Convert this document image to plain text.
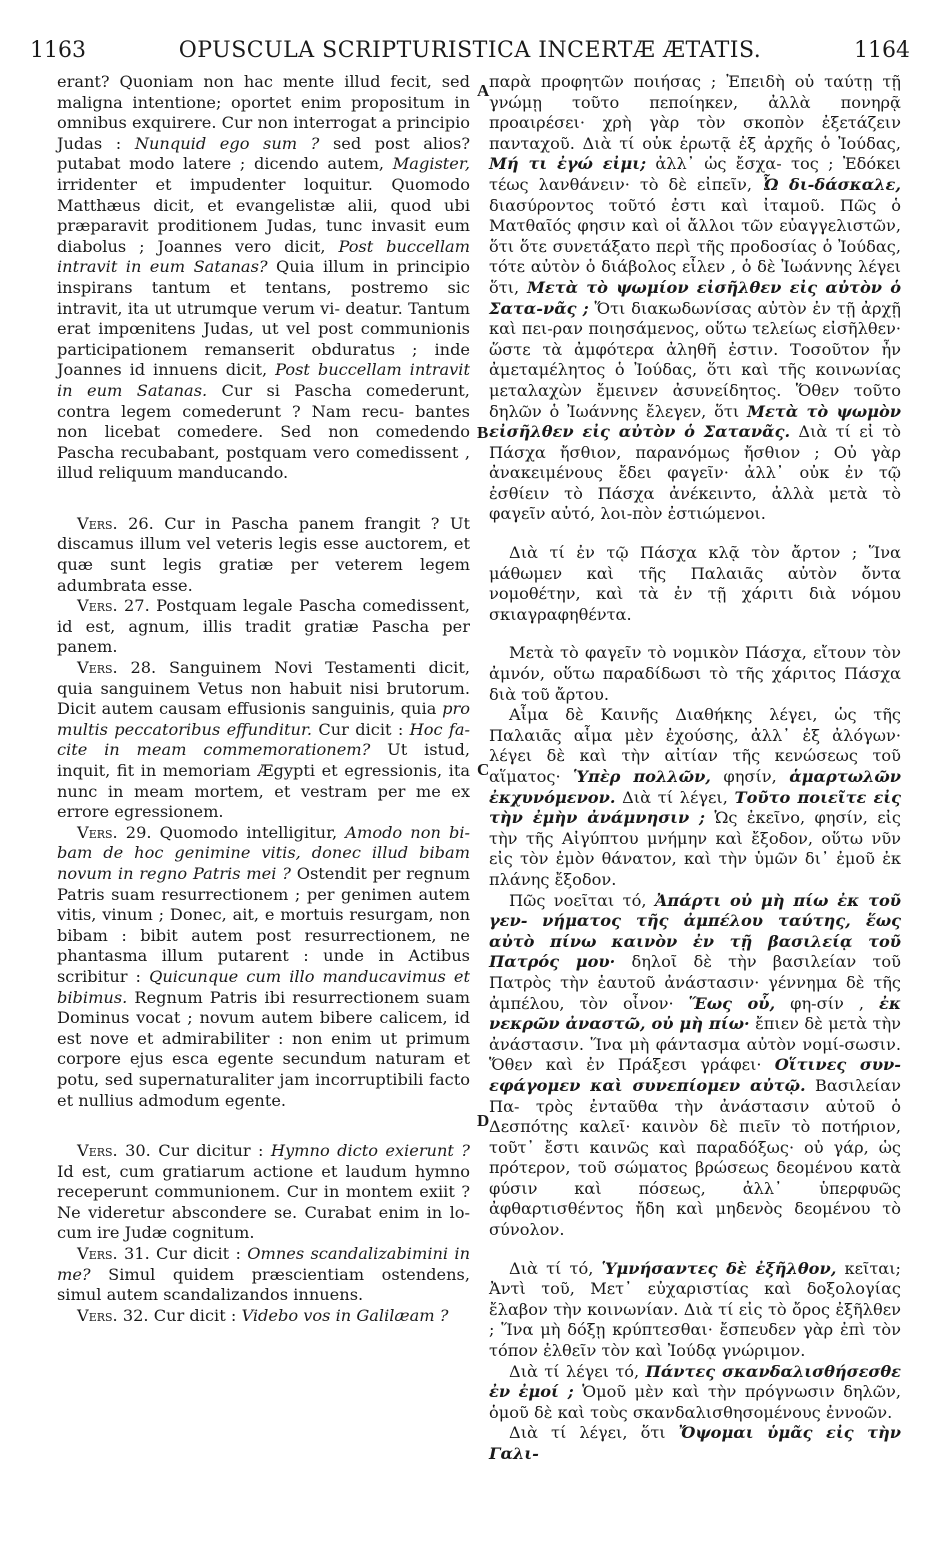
1163	OPUSCULA SCRIPTURISTICA INCERTÆ ÆTATIS.	1164
A
B
C
D

erant? Quoniam non hac mente illud fecit, sed maligna intentione; oportet enim propositum in omnibus exquirere. Cur non interrogat a principio Judas : Nunquid ego sum ? sed post alios? putabat modo latere ; dicendo autem, Magister, irridenter et impudenter loquitur. Quomodo Matthæus dicit, et evangelistæ alii, quod ubi præparavit proditionem Judas, tunc invasit eum diabolus ; Joannes vero dicit, Post buccellam intravit in eum Satanas? Quia illum in principio inspirans tantum et tentans, postremo sic intravit, ita ut utrumque verum vi- deatur. Tantum erat impœnitens Judas, ut vel post communionis participationem remanserit obduratus ; inde Joannes id innuens dicit, Post buccellam intravit in eum Satanas. Cur si Pascha comederunt, contra legem comederunt ? Nam recu- bantes non licebat comedere. Sed non comedendo Pascha recubabant, postquam vero comedissent , illud reliquum manducando.

Vers. 26. Cur in Pascha panem frangit ? Ut discamus illum vel veteris legis esse auctorem, et quæ sunt legis gratiæ per veterem legem adumbrata esse.

Vers. 27. Postquam legale Pascha comedissent, id est, agnum, illis tradit gratiæ Pascha per panem.

Vers. 28. Sanguinem Novi Testamenti dicit, quia sanguinem Vetus non habuit nisi brutorum. Dicit autem causam effusionis sanguinis, quia pro multis peccatoribus effunditur. Cur dicit : Hoc fa- cite in meam commemorationem? Ut istud, inquit, fit in memoriam Ægypti et egressionis, ita nunc in meam mortem, et vestram per me ex errore egressionem.

Vers. 29. Quomodo intelligitur, Amodo non bi- bam de hoc genimine vitis, donec illud bibam novum in regno Patris mei ? Ostendit per regnum Patris suam resurrectionem ; per genimen autem vitis, vinum ; Donec, ait, e mortuis resurgam, non bibam : bibit autem post resurrectionem, ne phantasma illum putarent : unde in Actibus scribitur : Quicunque cum illo manducavimus et bibimus. Regnum Patris ibi resurrectionem suam Dominus vocat ; novum autem bibere calicem, id est nove et admirabiliter : non enim ut primum corpore ejus esca egente secundum naturam et potu, sed supernaturaliter jam incorruptibili facto et nullius admodum egente.

Vers. 30. Cur dicitur : Hymno dicto exierunt ? Id est, cum gratiarum actione et laudum hymno receperunt communionem. Cur in montem exiit ? Ne videretur abscondere se. Curabat enim in lo- cum ire Judæ cognitum.

Vers. 31. Cur dicit : Omnes scandalizabimini in me? Simul quidem præscientiam ostendens, simul autem scandalizandos innuens.

Vers. 32. Cur dicit : Videbo vos in Galilæam ?

παρὰ προφητῶν ποιήσας ; Ἐπειδὴ οὐ ταύτῃ τῇ γνώμῃ τοῦτο πεποίηκεν, ἀλλὰ πονηρᾷ προαιρέσει· χρὴ γὰρ τὸν σκοπὸν ἐξετάζειν πανταχοῦ. Διὰ τί οὐκ ἐρωτᾷ ἐξ ἀρχῆς ὁ Ἰούδας, Μή τι ἐγώ εἰμι; ἀλλ᾽ ὡς ἔσχα- τος ; Ἐδόκει τέως λανθάνειν· τὸ δὲ εἰπεῖν, Ὦ δι-δάσκαλε, διασύροντος τοῦτό ἐστι καὶ ἰταμοῦ. Πῶς ὁ Ματθαῖός φησιν καὶ οἱ ἄλλοι τῶν εὐαγγελιστῶν, ὅτι ὅτε συνετάξατο περὶ τῆς προδοσίας ὁ Ἰούδας, τότε αὐτὸν ὁ διάβολος εἶλεν , ὁ δὲ Ἰωάννης λέγει ὅτι, Μετὰ τὸ ψωμίον εἰσῆλθεν εἰς αὐτὸν ὁ Σατα-νᾶς ; Ὅτι διακωδωνίσας αὐτὸν ἐν τῇ ἀρχῇ καὶ πει-ραν ποιησάμενος, οὕτω τελείως εἰσῆλθεν· ὥστε τὰ ἀμφότερα ἀληθῆ ἐστιν. Τοσοῦτον ἦν ἀμεταμέλητος ὁ Ἰούδας, ὅτι καὶ τῆς κοινωνίας μεταλαχὼν ἔμεινεν ἀσυνείδητος. Ὅθεν τοῦτο δηλῶν ὁ Ἰωάννης ἔλεγεν, ὅτι Μετὰ τὸ ψωμὸν εἰσῆλθεν εἰς αὐτὸν ὁ Σατανᾶς. Διὰ τί εἰ τὸ Πάσχα ἤσθιον, παρανόμως ἤσθιον ; Οὐ γὰρ ἀνακειμένους ἔδει φαγεῖν· ἀλλ᾽ οὐκ ἐν τῷ ἐσθίειν τὸ Πάσχα ἀνέκειντο, ἀλλὰ μετὰ τὸ φαγεῖν αὐτό, λοι-πὸν ἐστιώμενοι.

Διὰ τί ἐν τῷ Πάσχα κλᾷ τὸν ἄρτον ; Ἵνα μάθωμεν καὶ τῆς Παλαιᾶς αὐτὸν ὄντα νομοθέτην, καὶ τὰ ἐν τῇ χάριτι διὰ νόμου σκιαγραφηθέντα.

Μετὰ τὸ φαγεῖν τὸ νομικὸν Πάσχα, εἴτουν τὸν ἀμνόν, οὕτω παραδίδωσι τὸ τῆς χάριτος Πάσχα διὰ τοῦ ἄρτου.

Αἷμα δὲ Καινῆς Διαθήκης λέγει, ὡς τῆς Παλαιᾶς αἷμα μὲν ἐχούσης, ἀλλ᾽ ἐξ ἀλόγων· λέγει δὲ καὶ τὴν αἰτίαν τῆς κενώσεως τοῦ αἵματος· Ὑπὲρ πολλῶν, φησίν, ἁμαρτωλῶν ἐκχυνόμενον. Διὰ τί λέγει, Τοῦτο ποιεῖτε εἰς τὴν ἐμὴν ἀνάμνησιν ; Ὡς ἐκεῖνο, φησίν, εἰς τὴν τῆς Αἰγύπτου μνήμην καὶ ἔξοδον, οὕτω νῦν εἰς τὸν ἐμὸν θάνατον, καὶ τὴν ὑμῶν δι᾽ ἐμοῦ ἐκ πλάνης ἔξοδον.

Πῶς νοεῖται τό, Ἀπάρτι οὐ μὴ πίω ἐκ τοῦ γεν- νήματος τῆς ἀμπέλου ταύτης, ἕως αὐτὸ πίνω καινὸν ἐν τῇ βασιλείᾳ τοῦ Πατρός μου· δηλοῖ δὲ τὴν βασιλείαν τοῦ Πατρὸς τὴν ἑαυτοῦ ἀνάστασιν· γέννημα δὲ τῆς ἀμπέλου, τὸν οἶνον· Ἕως οὗ, φη-σίν , ἐκ νεκρῶν ἀναστῶ, οὐ μὴ πίω· ἔπιεν δὲ μετὰ τὴν ἀνάστασιν. Ἵνα μὴ φάντασμα αὐτὸν νομί-σωσιν. Ὅθεν καὶ ἐν Πράξεσι γράφει· Οἵτινες συν-εφάγομεν καὶ συνεπίομεν αὐτῷ. Βασιλείαν Πα- τρὸς ἐνταῦθα τὴν ἀνάστασιν αὐτοῦ ὁ Δεσπότης καλεῖ· καινὸν δὲ πιεῖν τὸ ποτήριον, τοῦτ᾽ ἔστι καινῶς καὶ παραδόξως· οὐ γάρ, ὡς πρότερον, τοῦ σώματος βρώσεως δεομένου κατὰ φύσιν καὶ πόσεως, ἀλλ᾽ ὑπερφυῶς ἀφθαρτισθέντος ἤδη καὶ μηδενὸς δεομένου τὸ σύνολον.

Διὰ τί τό, Ὑμνήσαντες δὲ ἐξῆλθον, κεῖται; Ἀντὶ τοῦ, Μετ᾽ εὐχαριστίας καὶ δοξολογίας ἔλαβον τὴν κοινωνίαν. Διὰ τί εἰς τὸ ὄρος ἐξῆλθεν ; Ἵνα μὴ δόξῃ κρύπτεσθαι· ἔσπευδεν γὰρ ἐπὶ τὸν τόπον ἐλθεῖν τὸν καὶ Ἰούδᾳ γνώριμον.

Διὰ τί λέγει τό, Πάντες σκανδαλισθήσεσθε ἐν ἐμοί ; Ὁμοῦ μὲν καὶ τὴν πρόγνωσιν δηλῶν, ὁμοῦ δὲ καὶ τοὺς σκανδαλισθησομένους ἐννοῶν.

Διὰ τί λέγει, ὅτι Ὄψομαι ὑμᾶς εἰς τὴν Γαλι-
